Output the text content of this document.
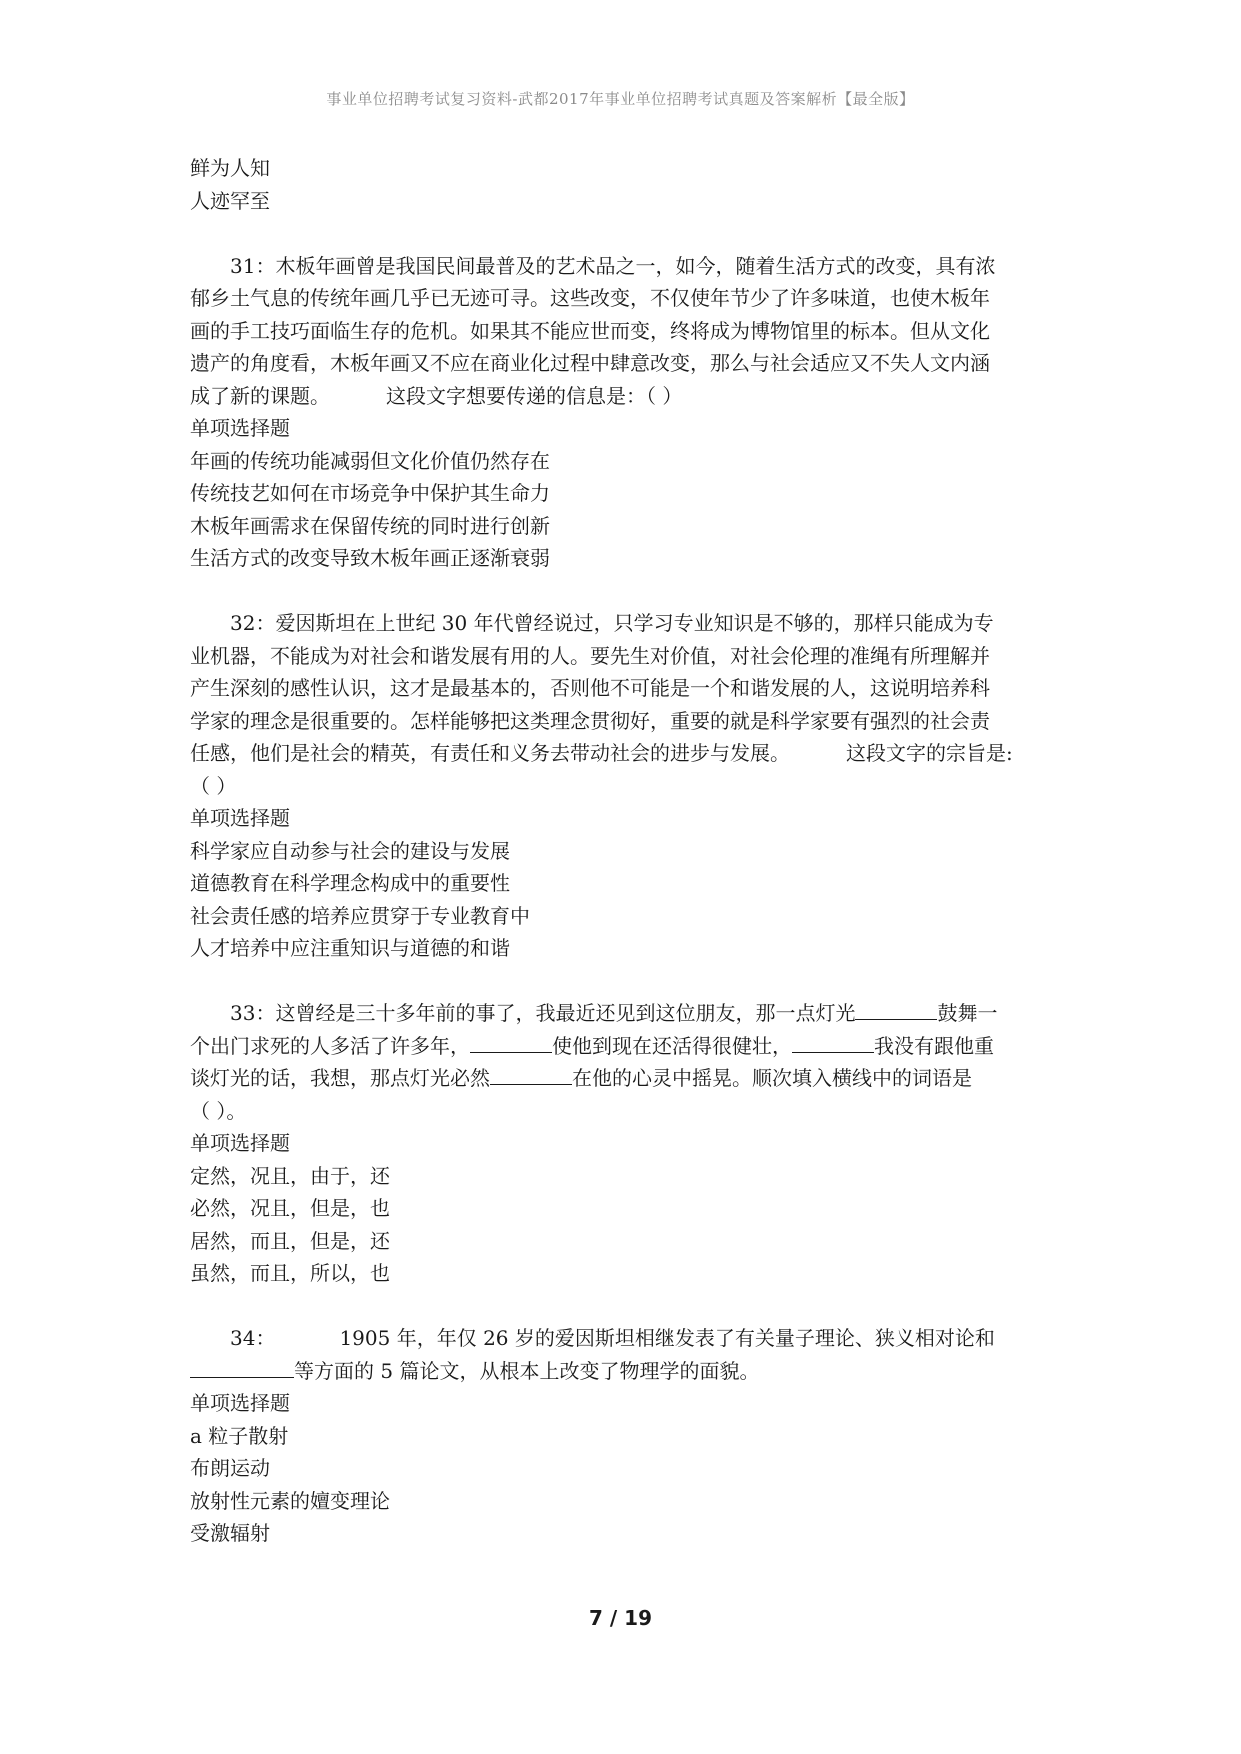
事业单位招聘考试复习资料-武都2017年事业单位招聘考试真题及答案解析【最全版】
鲜为人知
人迹罕至
31：木板年画曾是我国民间最普及的艺术品之一，如今，随着生活方式的改变，具有浓
郁乡土气息的传统年画几乎已无迹可寻。这些改变，不仅使年节少了许多味道，也使木板年
画的手工技巧面临生存的危机。如果其不能应世而变，终将成为博物馆里的标本。但从文化
遗产的角度看，木板年画又不应在商业化过程中肆意改变，那么与社会适应又不失人文内涵
成了新的课题。	这段文字想要传递的信息是：（ ）
单项选择题
年画的传统功能减弱但文化价值仍然存在
传统技艺如何在市场竞争中保护其生命力
木板年画需求在保留传统的同时进行创新
生活方式的改变导致木板年画正逐渐衰弱
32：爱因斯坦在上世纪 30 年代曾经说过，只学习专业知识是不够的，那样只能成为专
业机器，不能成为对社会和谐发展有用的人。要先生对价值，对社会伦理的准绳有所理解并
产生深刻的感性认识，这才是最基本的，否则他不可能是一个和谐发展的人，这说明培养科
学家的理念是很重要的。怎样能够把这类理念贯彻好，重要的就是科学家要有强烈的社会责
任感，他们是社会的精英，有责任和义务去带动社会的进步与发展。	这段文字的宗旨是:
（ ）
单项选择题
科学家应自动参与社会的建设与发展
道德教育在科学理念构成中的重要性
社会责任感的培养应贯穿于专业教育中
人才培养中应注重知识与道德的和谐
33：这曾经是三十多年前的事了，我最近还见到这位朋友，那一点灯光	鼓舞一
个出门求死的人多活了许多年，	使他到现在还活得很健壮，	我没有跟他重
谈灯光的话，我想，那点灯光必然	在他的心灵中摇晃。顺次填入横线中的词语是
（ ）。
单项选择题
定然，况且，由于，还
必然，况且，但是，也
居然，而且，但是，还
虽然，而且，所以，也
34：	1905 年，年仅 26 岁的爱因斯坦相继发表了有关量子理论、狭义相对论和
等方面的 5 篇论文，从根本上改变了物理学的面貌。
单项选择题
a 粒子散射
布朗运动
放射性元素的嬗变理论
受激辐射
7 / 19
